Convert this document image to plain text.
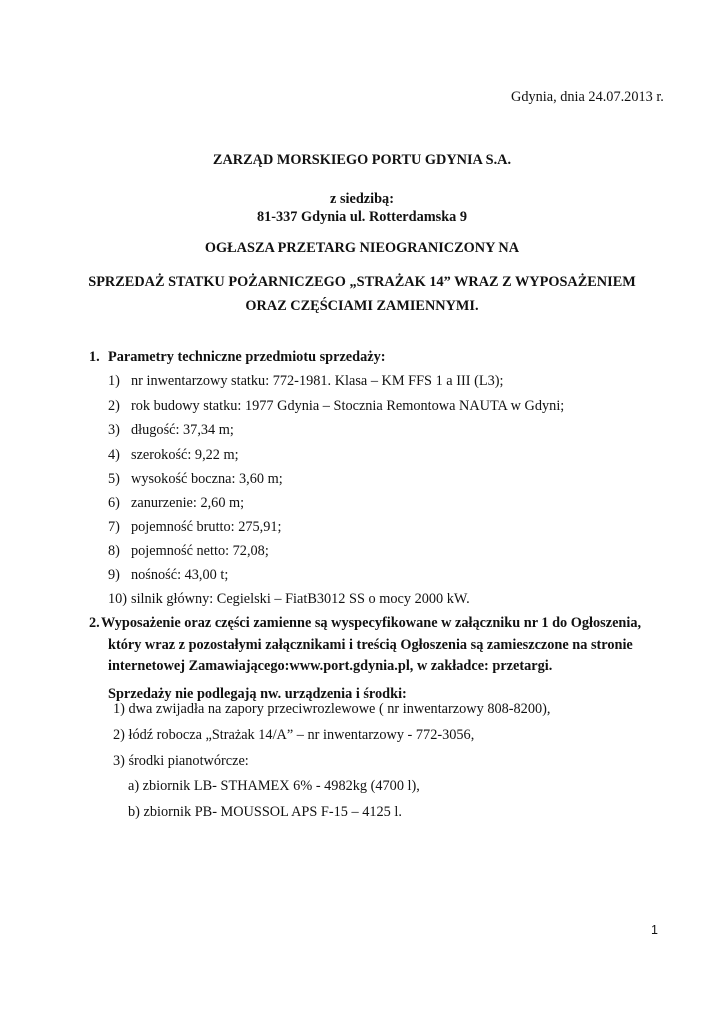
Gdynia, dnia 24.07.2013 r.
ZARZĄD MORSKIEGO PORTU GDYNIA S.A.
z siedzibą:
81-337 Gdynia ul. Rotterdamska 9
OGŁASZA PRZETARG NIEOGRANICZONY NA
SPRZEDAŻ STATKU POŻARNICZEGO „STRAŻAK 14” WRAZ Z WYPOSAŻENIEM
ORAZ CZĘŚCIAMI ZAMIENNYMI.
1. Parametry techniczne przedmiotu sprzedaży:
1) nr inwentarzowy statku: 772-1981. Klasa – KM FFS 1 a III (L3);
2) rok budowy statku: 1977 Gdynia – Stocznia Remontowa NAUTA w Gdyni;
3) długość: 37,34 m;
4) szerokość: 9,22 m;
5) wysokość boczna: 3,60 m;
6) zanurzenie: 2,60 m;
7) pojemność brutto: 275,91;
8) pojemność netto: 72,08;
9) nośność: 43,00 t;
10) silnik główny: Cegielski – FiatB3012 SS o mocy 2000 kW.
2. Wyposażenie oraz części zamienne są wyspecyfikowane w załączniku nr 1 do Ogłoszenia,
który wraz z pozostałymi załącznikami i treścią Ogłoszenia są zamieszczone na stronie
internetowej Zamawiającego:www.port.gdynia.pl, w zakładce: przetargi.
Sprzedaży nie podlegają nw. urządzenia i środki:
1) dwa zwijadła na zapory przeciwrozlewowe ( nr inwentarzowy 808-8200),
2) łódź robocza „Strażak 14/A” – nr inwentarzowy - 772-3056,
3) środki pianotwórcze:
a) zbiornik LB- STHAMEX 6% - 4982kg (4700 l),
b) zbiornik PB- MOUSSOL APS F-15 – 4125 l.
1
